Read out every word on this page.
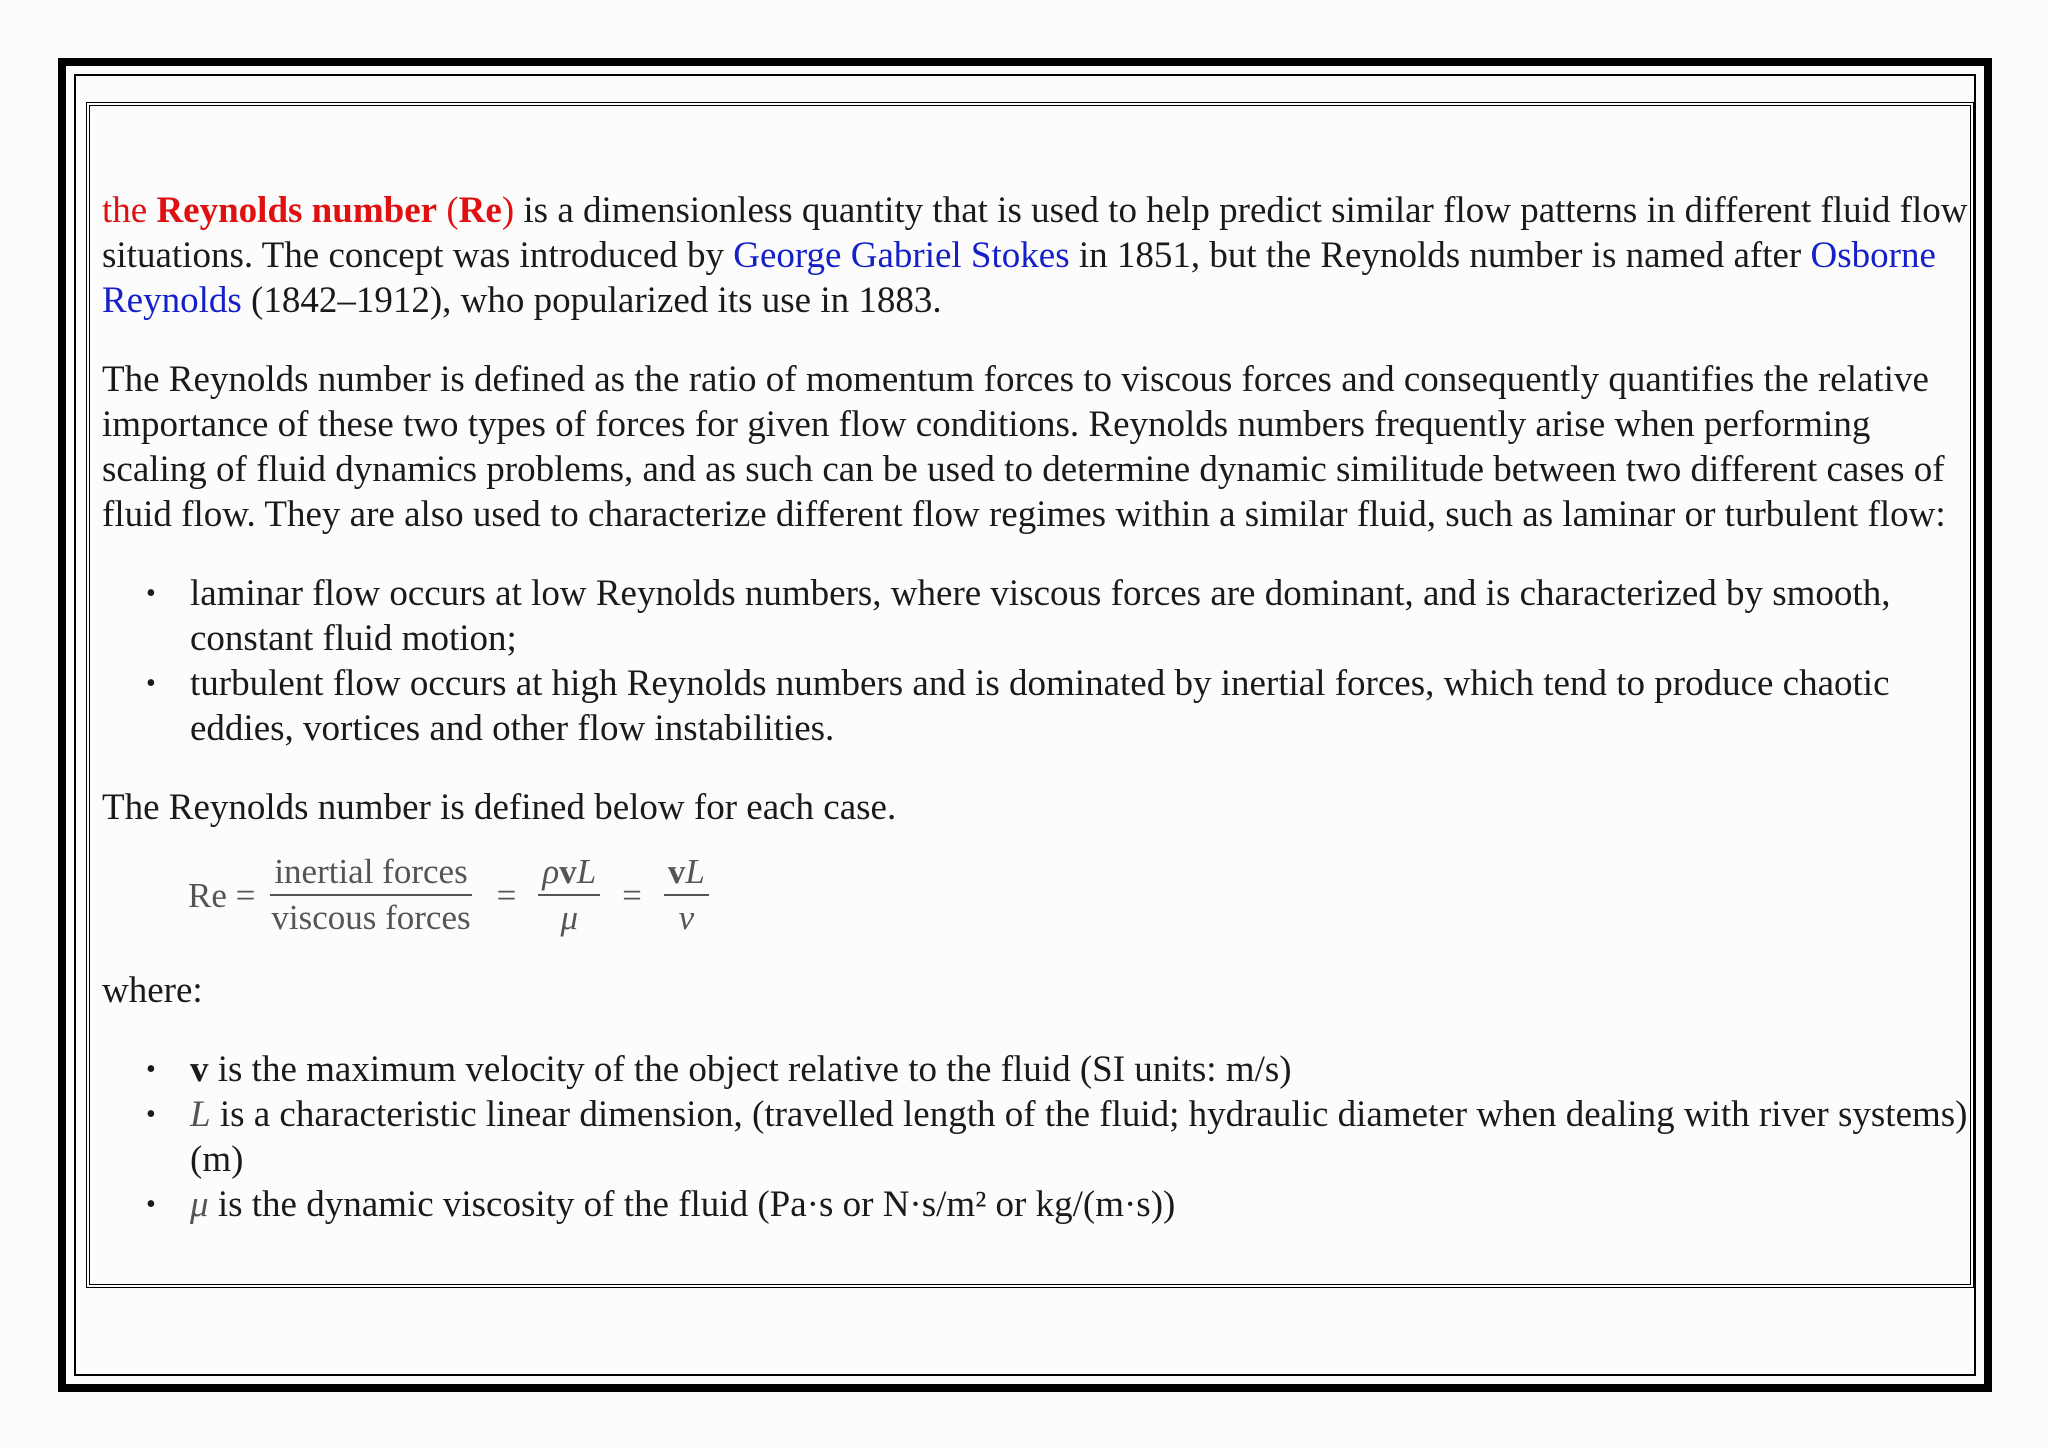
the Reynolds number (Re) is a dimensionless quantity that is used to help predict similar flow patterns in different fluid flow situations. The concept was introduced by George Gabriel Stokes in 1851, but the Reynolds number is named after Osborne Reynolds (1842–1912), who popularized its use in 1883.

The Reynolds number is defined as the ratio of momentum forces to viscous forces and consequently quantifies the relative importance of these two types of forces for given flow conditions. Reynolds numbers frequently arise when performing scaling of fluid dynamics problems, and as such can be used to determine dynamic similitude between two different cases of fluid flow. They are also used to characterize different flow regimes within a similar fluid, such as laminar or turbulent flow:

• laminar flow occurs at low Reynolds numbers, where viscous forces are dominant, and is characterized by smooth, constant fluid motion;
• turbulent flow occurs at high Reynolds numbers and is dominated by inertial forces, which tend to produce chaotic eddies, vortices and other flow instabilities.

The Reynolds number is defined below for each case.

$Re = \frac{\text{inertial forces}}{\text{viscous forces}} = \frac{\text{ρvL}}{\mu} = \frac{vL}{\nu}$

where:

• v is the maximum velocity of the object relative to the fluid (SI units: m/s)
• L is a characteristic linear dimension, (travelled length of the fluid; hydraulic diameter when dealing with river systems) (m)
• μ is the dynamic viscosity of the fluid (Pa·s or N·s/m² or kg/(m·s))
